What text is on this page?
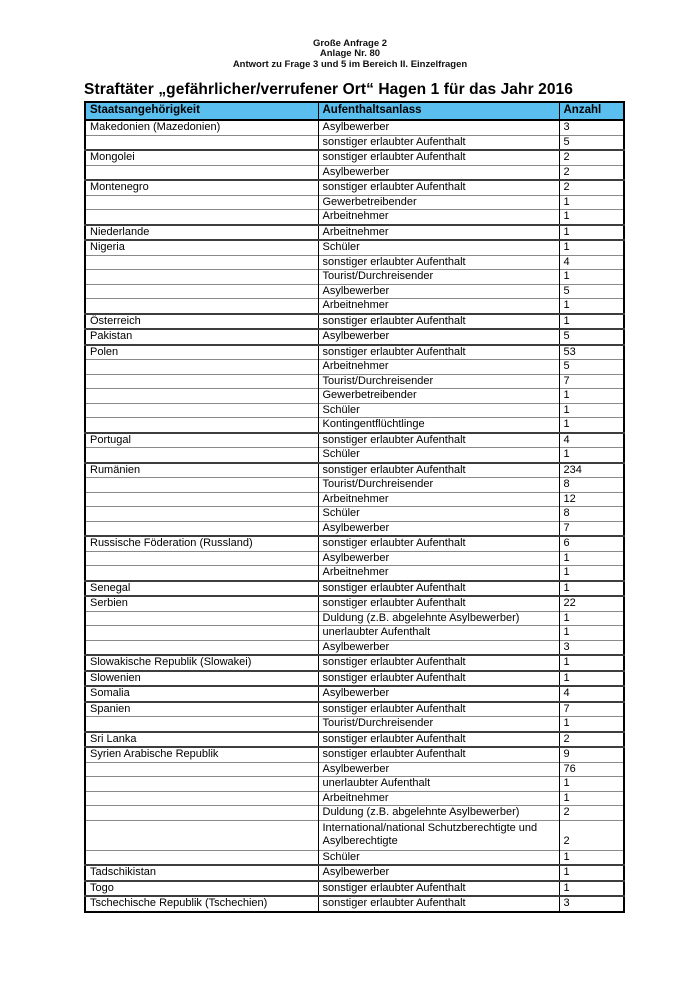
Große Anfrage 2
Anlage Nr. 80
Antwort zu Frage 3 und 5 im Bereich II. Einzelfragen
Straftäter „gefährlicher/verrufener Ort“ Hagen 1 für das Jahr 2016
Staatsangehörigkeit	Aufenthaltsanlass	Anzahl
Makedonien (Mazedonien)	Asylbewerber	3
	sonstiger erlaubter Aufenthalt	5
Mongolei	sonstiger erlaubter Aufenthalt	2
	Asylbewerber	2
Montenegro	sonstiger erlaubter Aufenthalt	2
	Gewerbetreibender	1
	Arbeitnehmer	1
Niederlande	Arbeitnehmer	1
Nigeria	Schüler	1
	sonstiger erlaubter Aufenthalt	4
	Tourist/Durchreisender	1
	Asylbewerber	5
	Arbeitnehmer	1
Österreich	sonstiger erlaubter Aufenthalt	1
Pakistan	Asylbewerber	5
Polen	sonstiger erlaubter Aufenthalt	53
	Arbeitnehmer	5
	Tourist/Durchreisender	7
	Gewerbetreibender	1
	Schüler	1
	Kontingentflüchtlinge	1
Portugal	sonstiger erlaubter Aufenthalt	4
	Schüler	1
Rumänien	sonstiger erlaubter Aufenthalt	234
	Tourist/Durchreisender	8
	Arbeitnehmer	12
	Schüler	8
	Asylbewerber	7
Russische Föderation (Russland)	sonstiger erlaubter Aufenthalt	6
	Asylbewerber	1
	Arbeitnehmer	1
Senegal	sonstiger erlaubter Aufenthalt	1
Serbien	sonstiger erlaubter Aufenthalt	22
	Duldung (z.B. abgelehnte Asylbewerber)	1
	unerlaubter Aufenthalt	1
	Asylbewerber	3
Slowakische Republik (Slowakei)	sonstiger erlaubter Aufenthalt	1
Slowenien	sonstiger erlaubter Aufenthalt	1
Somalia	Asylbewerber	4
Spanien	sonstiger erlaubter Aufenthalt	7
	Tourist/Durchreisender	1
Sri Lanka	sonstiger erlaubter Aufenthalt	2
Syrien Arabische Republik	sonstiger erlaubter Aufenthalt	9
	Asylbewerber	76
	unerlaubter Aufenthalt	1
	Arbeitnehmer	1
	Duldung (z.B. abgelehnte Asylbewerber)	2
	International/national Schutzberechtigte und Asylberechtigte	2
	Schüler	1
Tadschikistan	Asylbewerber	1
Togo	sonstiger erlaubter Aufenthalt	1
Tschechische Republik (Tschechien)	sonstiger erlaubter Aufenthalt	3
